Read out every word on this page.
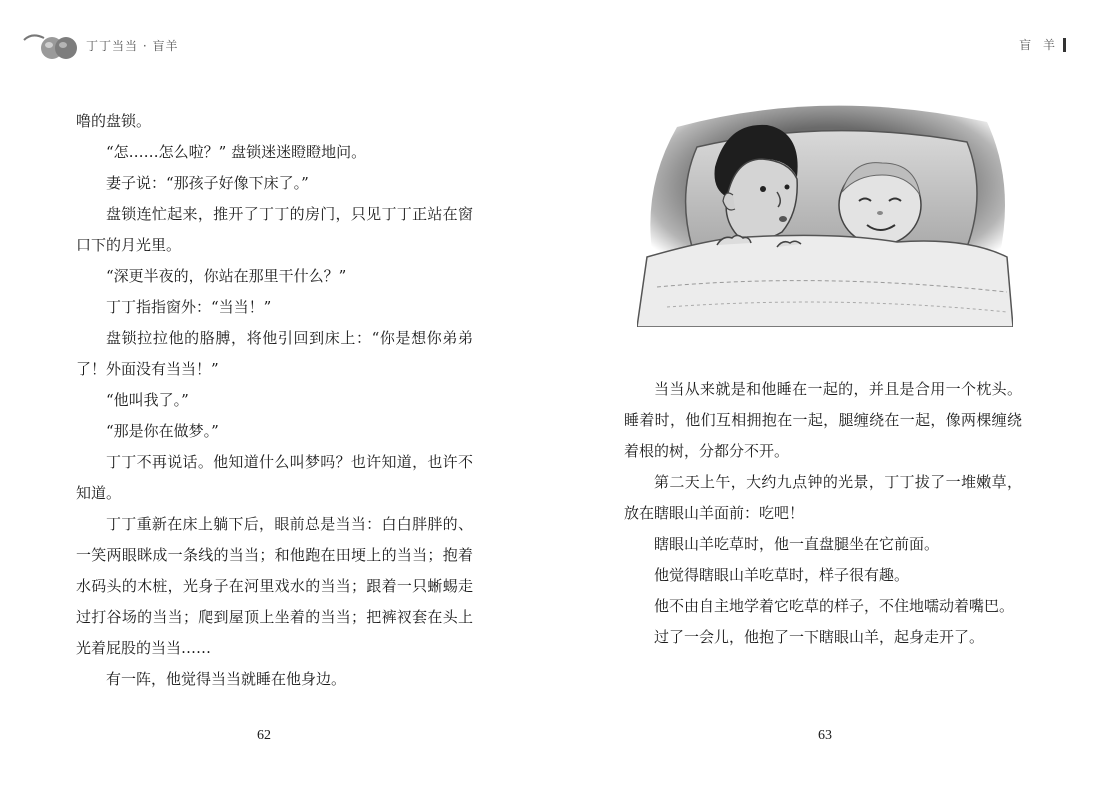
丁丁当当 · 盲羊

噜的盘锁。

“怎……怎么啦？” 盘锁迷迷瞪瞪地问。

妻子说：“那孩子好像下床了。”

盘锁连忙起来，推开了丁丁的房门，只见丁丁正站在窗口下的月光里。

“深更半夜的，你站在那里干什么？”

丁丁指指窗外：“当当！”

盘锁拉拉他的胳膊，将他引回到床上：“你是想你弟弟了！外面没有当当！”

“他叫我了。”

“那是你在做梦。”

丁丁不再说话。他知道什么叫梦吗？也许知道，也许不知道。

丁丁重新在床上躺下后，眼前总是当当：白白胖胖的、一笑两眼眯成一条线的当当；和他跑在田埂上的当当；抱着水码头的木桩，光身子在河里戏水的当当；跟着一只蜥蜴走过打谷场的当当；爬到屋顶上坐着的当当；把裤衩套在头上光着屁股的当当……

有一阵，他觉得当当就睡在他身边。

62
盲 羊

当当从来就是和他睡在一起的，并且是合用一个枕头。睡着时，他们互相拥抱在一起，腿缠绕在一起，像两棵缠绕着根的树，分都分不开。

第二天上午，大约九点钟的光景，丁丁拔了一堆嫩草，放在瞎眼山羊面前：吃吧！

瞎眼山羊吃草时，他一直盘腿坐在它前面。

他觉得瞎眼山羊吃草时，样子很有趣。

他不由自主地学着它吃草的样子，不住地嚅动着嘴巴。

过了一会儿，他抱了一下瞎眼山羊，起身走开了。

63
